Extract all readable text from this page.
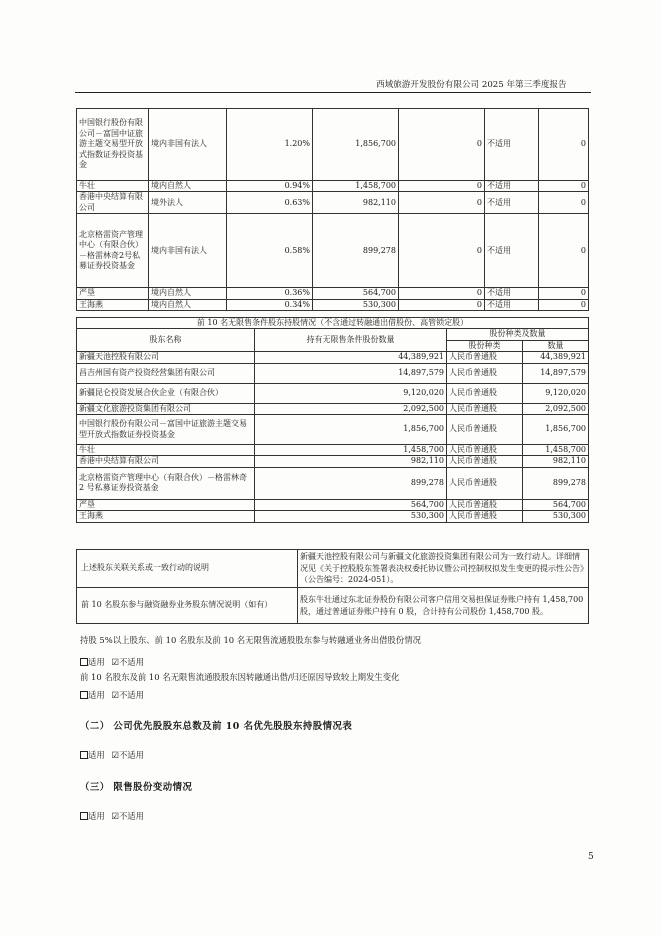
西域旅游开发股份有限公司 2025 年第三季度报告
中国银行股份有限公司－富国中证旅游主题交易型开放式指数证券投资基金	境内非国有法人	1.20%	1,856,700	0	不适用	0
牛壮	境内自然人	0.94%	1,458,700	0	不适用	0
香港中央结算有限公司	境外法人	0.63%	982,110	0	不适用	0
北京格雷资产管理中心（有限合伙）－格雷林奇2号私募证券投资基金	境内非国有法人	0.58%	899,278	0	不适用	0
严垦	境内自然人	0.36%	564,700	0	不适用	0
王海燕	境内自然人	0.34%	530,300	0	不适用	0
前 10 名无限售条件股东持股情况（不含通过转融通出借股份、高管锁定股）			
股东名称	持有无限售条件股份数量	股份种类及数量	
		股份种类	数量
新疆天池控股有限公司	44,389,921	人民币普通股	44,389,921
昌吉州国有资产投资经营集团有限公司	14,897,579	人民币普通股	14,897,579
新疆昆仑投资发展合伙企业（有限合伙）	9,120,020	人民币普通股	9,120,020
新疆文化旅游投资集团有限公司	2,092,500	人民币普通股	2,092,500
中国银行股份有限公司－富国中证旅游主题交易型开放式指数证券投资基金	1,856,700	人民币普通股	1,856,700
牛壮	1,458,700	人民币普通股	1,458,700
香港中央结算有限公司	982,110	人民币普通股	982,110
北京格雷资产管理中心（有限合伙）－格雷林奇 2 号私募证券投资基金	899,278	人民币普通股	899,278
严垦	564,700	人民币普通股	564,700
王海燕	530,300	人民币普通股	530,300
上述股东关联关系或一致行动的说明	新疆天池控股有限公司与新疆文化旅游投资集团有限公司为一致行动人。详细情况见《关于控股股东签署表决权委托协议暨公司控制权拟发生变更的提示性公告》（公告编号：2024-051）。
前 10 名股东参与融资融券业务股东情况说明（如有）	股东牛壮通过东北证券股份有限公司客户信用交易担保证券账户持有 1,458,700 股，通过普通证券账户持有 0 股，合计持有公司股份 1,458,700 股。
持股 5%以上股东、前 10 名股东及前 10 名无限售流通股股东参与转融通业务出借股份情况
适用 ☑不适用
前 10 名股东及前 10 名无限售流通股股东因转融通出借/归还原因导致较上期发生变化
适用 ☑不适用
（二） 公司优先股股东总数及前 10 名优先股股东持股情况表
适用 ☑不适用
（三） 限售股份变动情况
适用 ☑不适用
5
